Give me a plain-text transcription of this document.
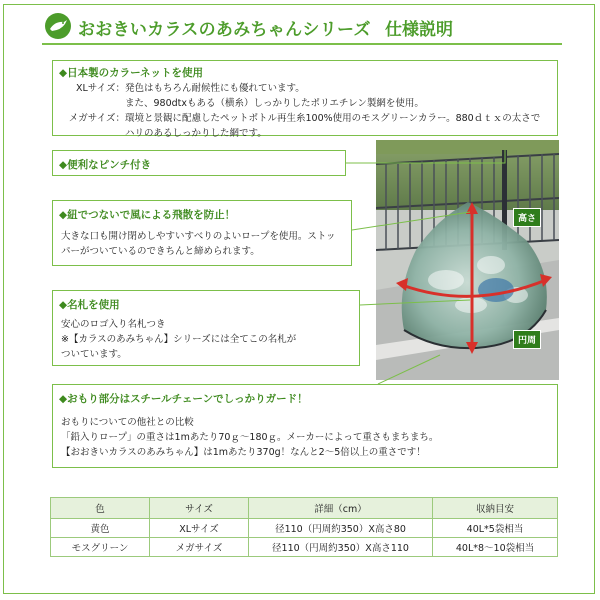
おおきいカラスのあみちゃんシリーズ 仕様説明
高さ
円周
◆日本製のカラーネットを使用
XLサイズ： 発色はもちろん耐候性にも優れています。
また、980dtxもある（横糸）しっかりしたポリエチレン製網を使用。
メガサイズ： 環境と景観に配慮したペットボトル再生糸100%使用のモスグリーンカラー。880ｄｔｘの太さで
ハリのあるしっかりした網です。
◆便利なピンチ付き
◆紐でつないで風による飛散を防止！
大きな口も開け閉めしやすいすべりのよいロープを使用。ストッ
パーがついているのできちんと締められます。
◆名札を使用
安心のロゴ入り名札つき
※【カラスのあみちゃん】シリーズには全てこの名札が
ついています。
◆おもり部分はスチールチェーンでしっかりガード！
おもりについての他社との比較
「鉛入りロープ」の重さは1mあたり70ｇ～180ｇ。メーカーによって重さもまちまち。
【おおきいカラスのあみちゃん】は1mあたり370g！なんと2～5倍以上の重さです！
色	サイズ	詳細（cm）	収納目安
黄色	XLサイズ	径110（円周約350）X高さ80	40L*5袋相当
モスグリーン	メガサイズ	径110（円周約350）X高さ110	40L*8～10袋相当
